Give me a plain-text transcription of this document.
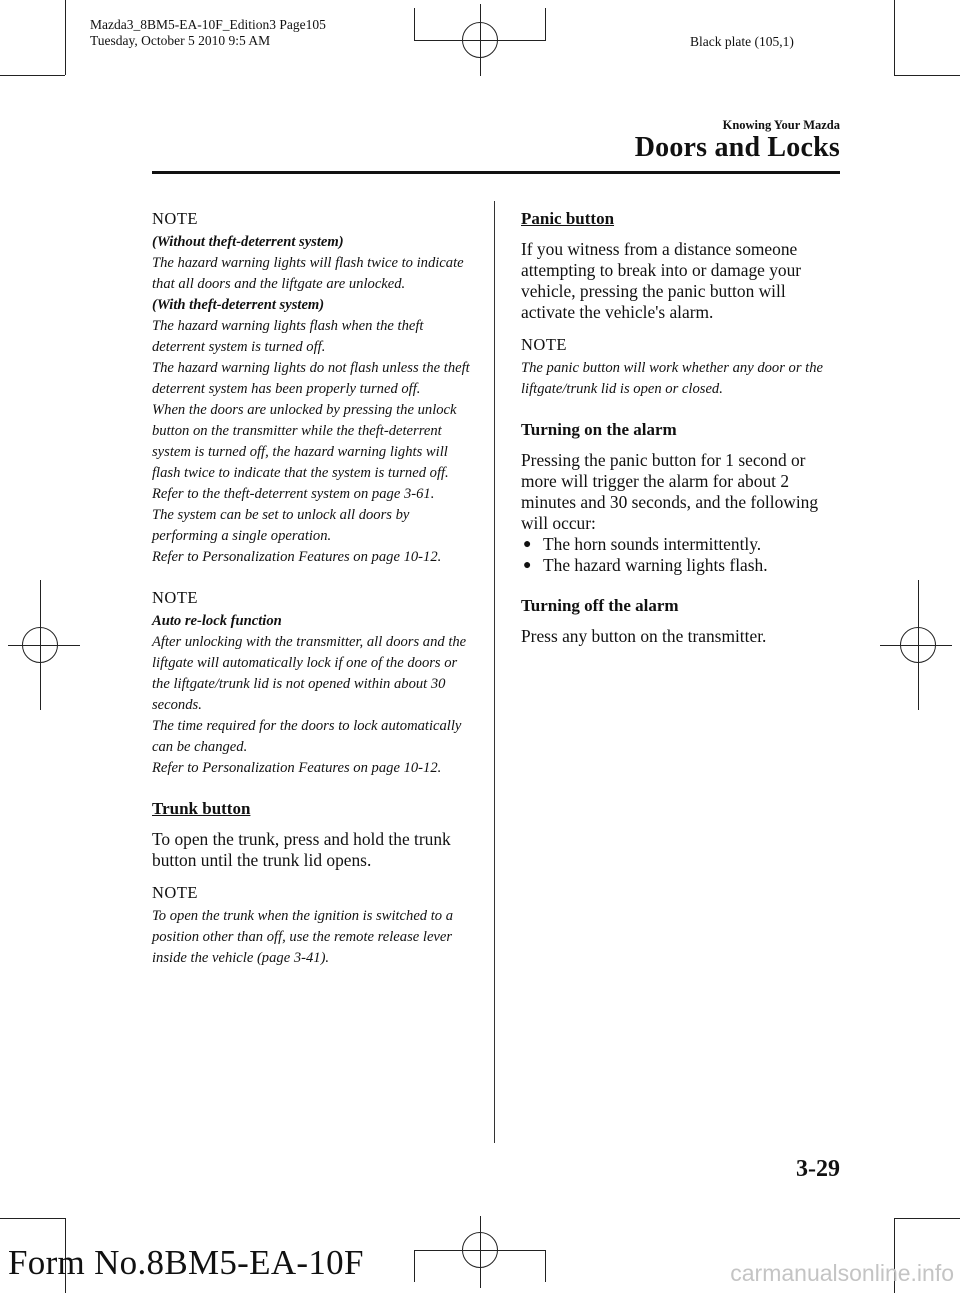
Mazda3_8BM5-EA-10F_Edition3 Page105
Tuesday, October 5 2010 9:5 AM	Black plate (105,1)
Knowing Your Mazda
Doors and Locks
NOTE
(Without theft-deterrent system)
The hazard warning lights will flash twice to indicate that all doors and the liftgate are unlocked.
(With theft-deterrent system)
The hazard warning lights flash when the theft deterrent system is turned off.
The hazard warning lights do not flash unless the theft deterrent system has been properly turned off.
When the doors are unlocked by pressing the unlock button on the transmitter while the theft-deterrent system is turned off, the hazard warning lights will flash twice to indicate that the system is turned off.
Refer to the theft-deterrent system on page 3-61.
The system can be set to unlock all doors by performing a single operation.
Refer to Personalization Features on page 10-12.
NOTE
Auto re-lock function
After unlocking with the transmitter, all doors and the liftgate will automatically lock if one of the doors or the liftgate/trunk lid is not opened within about 30 seconds.
The time required for the doors to lock automatically can be changed.
Refer to Personalization Features on page 10-12.
Trunk button
To open the trunk, press and hold the trunk button until the trunk lid opens.
NOTE
To open the trunk when the ignition is switched to a position other than off, use the remote release lever inside the vehicle (page 3-41).
Panic button
If you witness from a distance someone attempting to break into or damage your vehicle, pressing the panic button will activate the vehicle's alarm.
NOTE
The panic button will work whether any door or the liftgate/trunk lid is open or closed.
Turning on the alarm
Pressing the panic button for 1 second or more will trigger the alarm for about 2 minutes and 30 seconds, and the following will occur:
● The horn sounds intermittently.
● The hazard warning lights flash.
Turning off the alarm
Press any button on the transmitter.
3-29
Form No.8BM5-EA-10F	carmanualsonline.info
